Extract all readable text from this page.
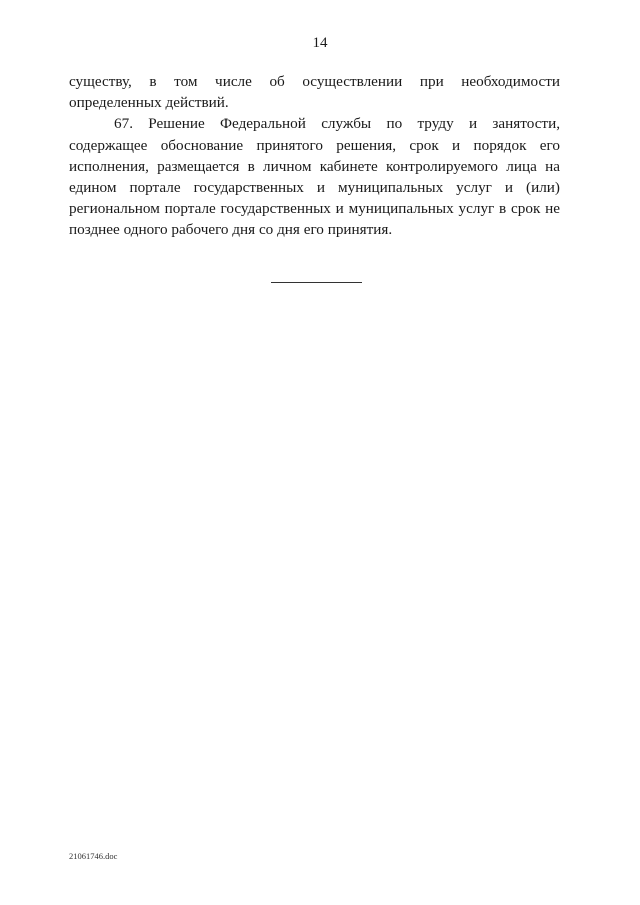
14

существу, в том числе об осуществлении при необходимости определенных действий.

67. Решение Федеральной службы по труду и занятости, содержащее обоснование принятого решения, срок и порядок его исполнения, размещается в личном кабинете контролируемого лица на едином портале государственных и муниципальных услуг и (или) региональном портале государственных и муниципальных услуг в срок не позднее одного рабочего дня со дня его принятия.

21061746.doc
